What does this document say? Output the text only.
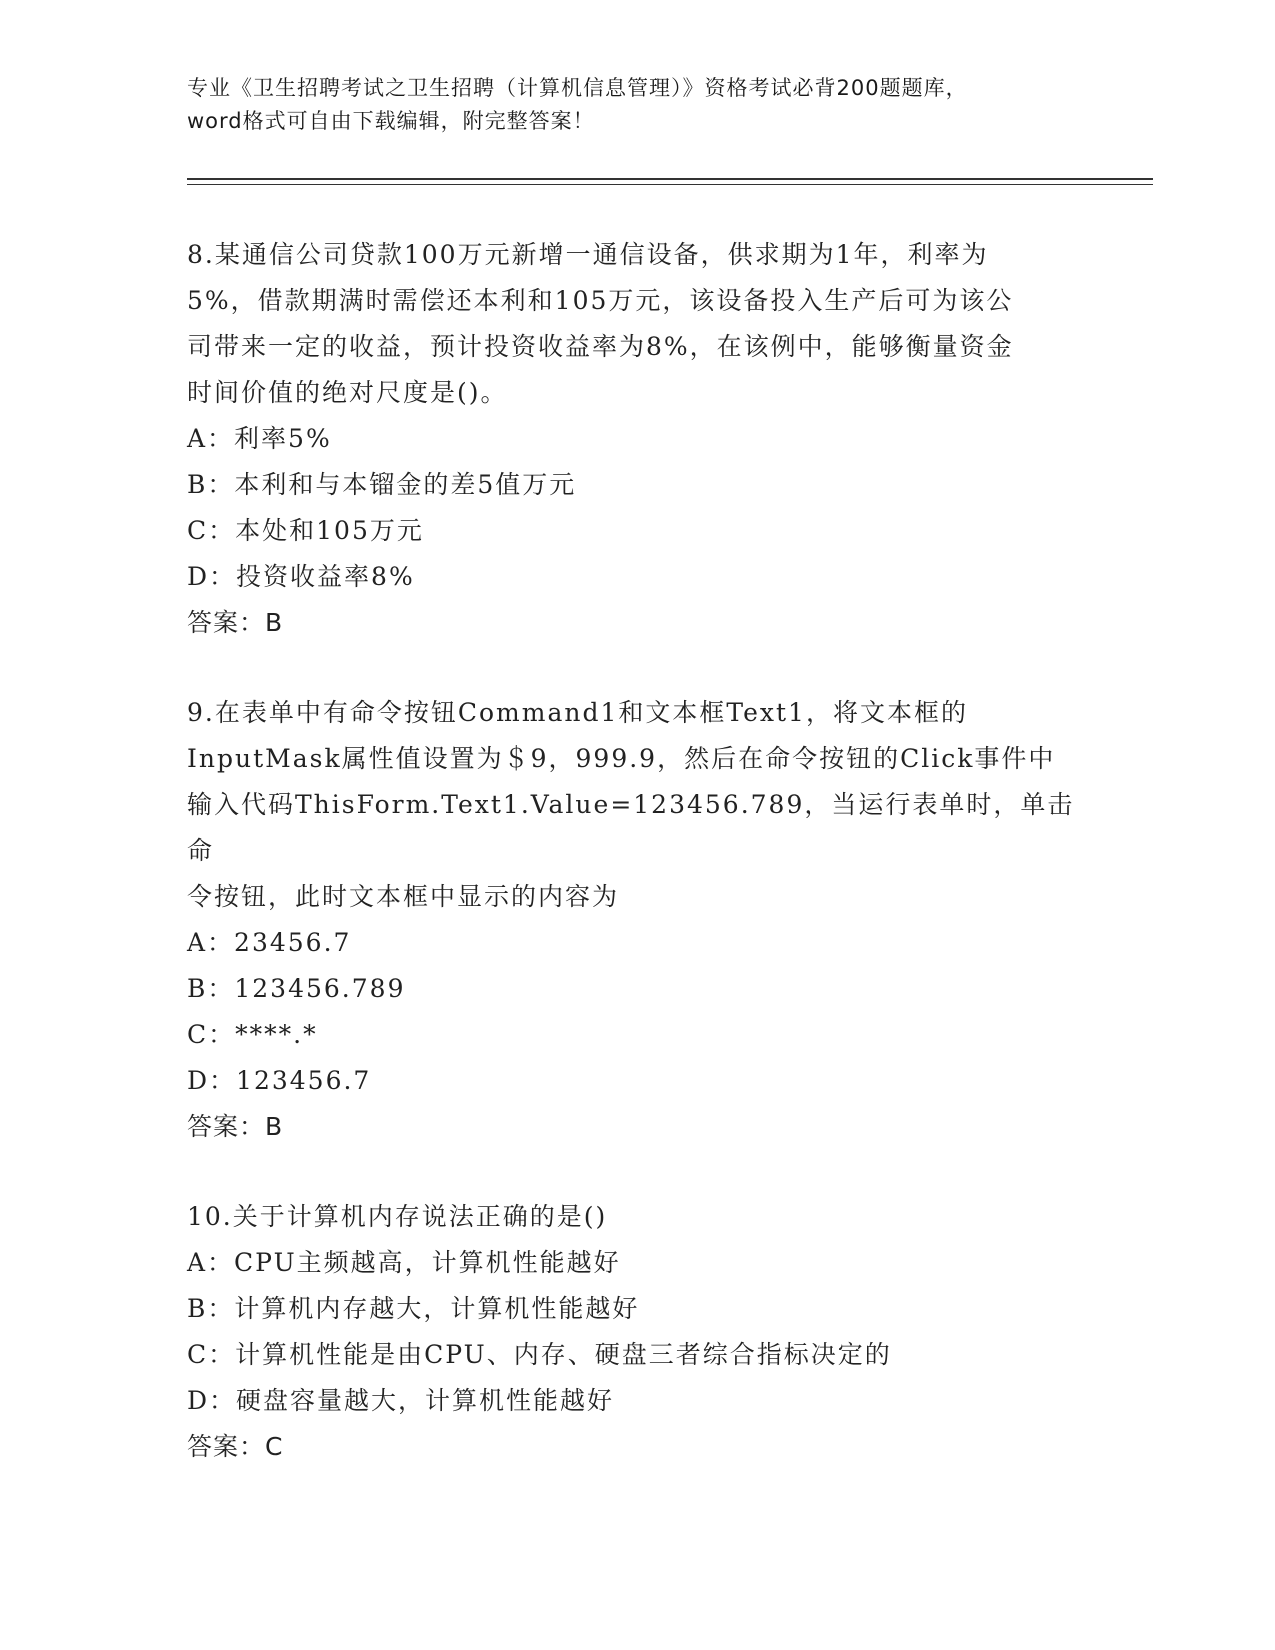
专业《卫生招聘考试之卫生招聘（计算机信息管理）》资格考试必背200题题库，
word格式可自由下载编辑，附完整答案！

8.某通信公司贷款100万元新增一通信设备，供求期为1年，利率为

5%，借款期满时需偿还本利和105万元，该设备投入生产后可为该公

司带来一定的收益，预计投资收益率为8%，在该例中，能够衡量资金

时间价值的绝对尺度是()。

A：利率5%

B：本利和与本镏金的差5值万元

C：本处和105万元

D：投资收益率8%

答案：B

9.在表单中有命令按钮Command1和文本框Text1，将文本框的

InputMask属性值设置为＄9，999.9，然后在命令按钮的Click事件中

输入代码ThisForm.Text1.Value=123456.789，当运行表单时，单击命

令按钮，此时文本框中显示的内容为

A：23456.7

B：123456.789

C：****.*

D：123456.7

答案：B

10.关于计算机内存说法正确的是()

A：CPU主频越高，计算机性能越好

B：计算机内存越大，计算机性能越好

C：计算机性能是由CPU、内存、硬盘三者综合指标决定的

D：硬盘容量越大，计算机性能越好

答案：C
